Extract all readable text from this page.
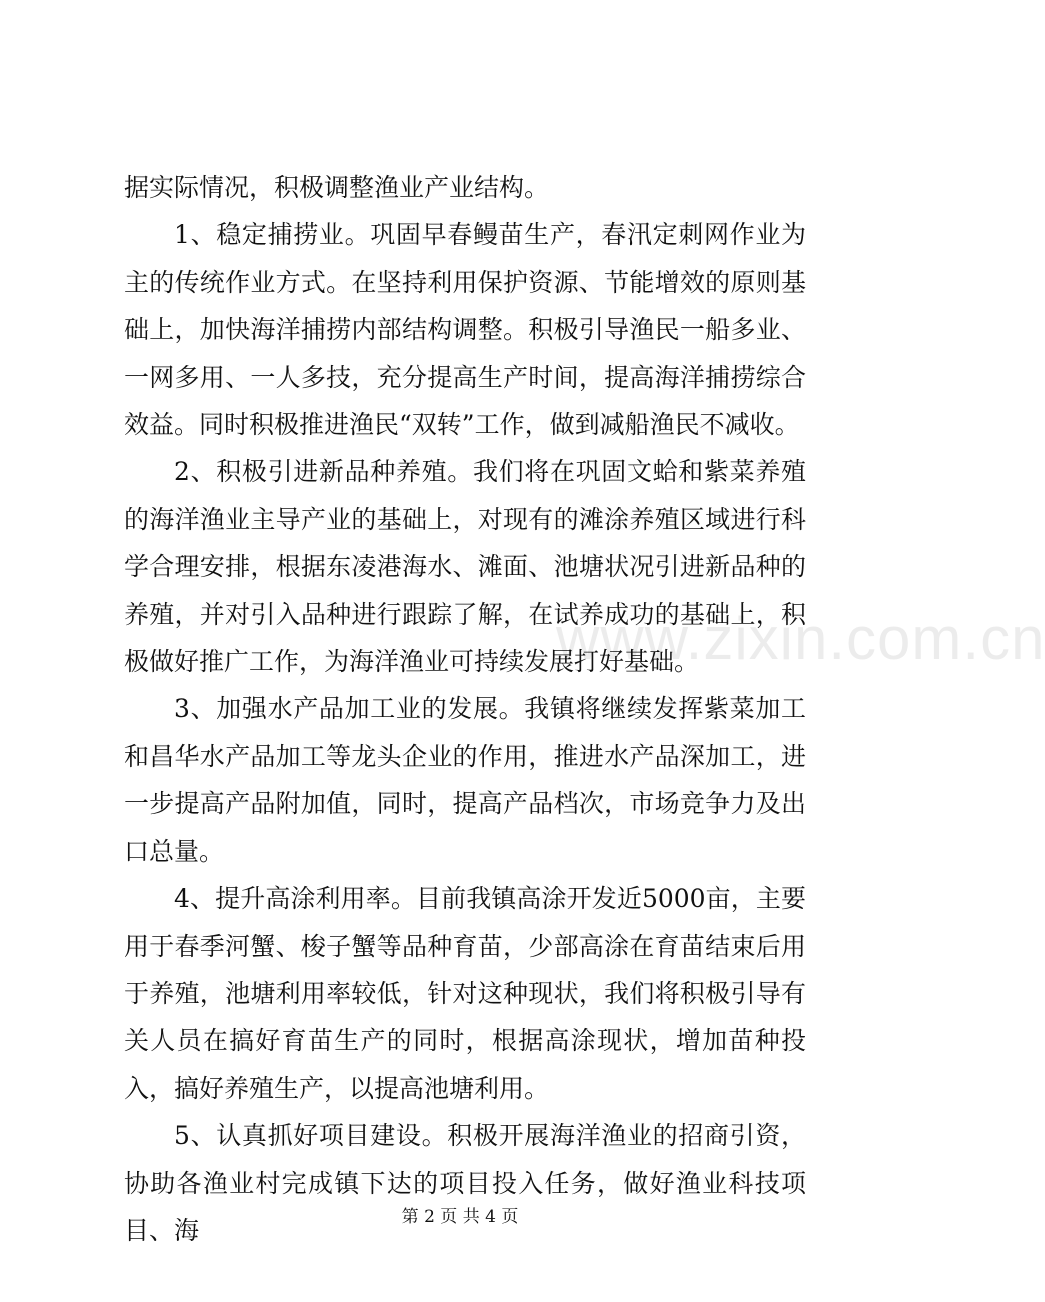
据实际情况，积极调整渔业产业结构。

1、稳定捕捞业。巩固早春鳗苗生产，春汛定刺网作业为主的传统作业方式。在坚持利用保护资源、节能增效的原则基础上，加快海洋捕捞内部结构调整。积极引导渔民一船多业、一网多用、一人多技，充分提高生产时间，提高海洋捕捞综合效益。同时积极推进渔民“双转”工作，做到减船渔民不减收。

2、积极引进新品种养殖。我们将在巩固文蛤和紫菜养殖的海洋渔业主导产业的基础上，对现有的滩涂养殖区域进行科学合理安排，根据东凌港海水、滩面、池塘状况引进新品种的养殖，并对引入品种进行跟踪了解，在试养成功的基础上，积极做好推广工作，为海洋渔业可持续发展打好基础。

3、加强水产品加工业的发展。我镇将继续发挥紫菜加工和昌华水产品加工等龙头企业的作用，推进水产品深加工，进一步提高产品附加值，同时，提高产品档次，市场竞争力及出口总量。

4、提升高涂利用率。目前我镇高涂开发近5000亩，主要用于春季河蟹、梭子蟹等品种育苗，少部高涂在育苗结束后用于养殖，池塘利用率较低，针对这种现状，我们将积极引导有关人员在搞好育苗生产的同时，根据高涂现状，增加苗种投入，搞好养殖生产，以提高池塘利用。

5、认真抓好项目建设。积极开展海洋渔业的招商引资，协助各渔业村完成镇下达的项目投入任务，做好渔业科技项目、海

www.zixin.com.cn
第 2 页 共 4 页
